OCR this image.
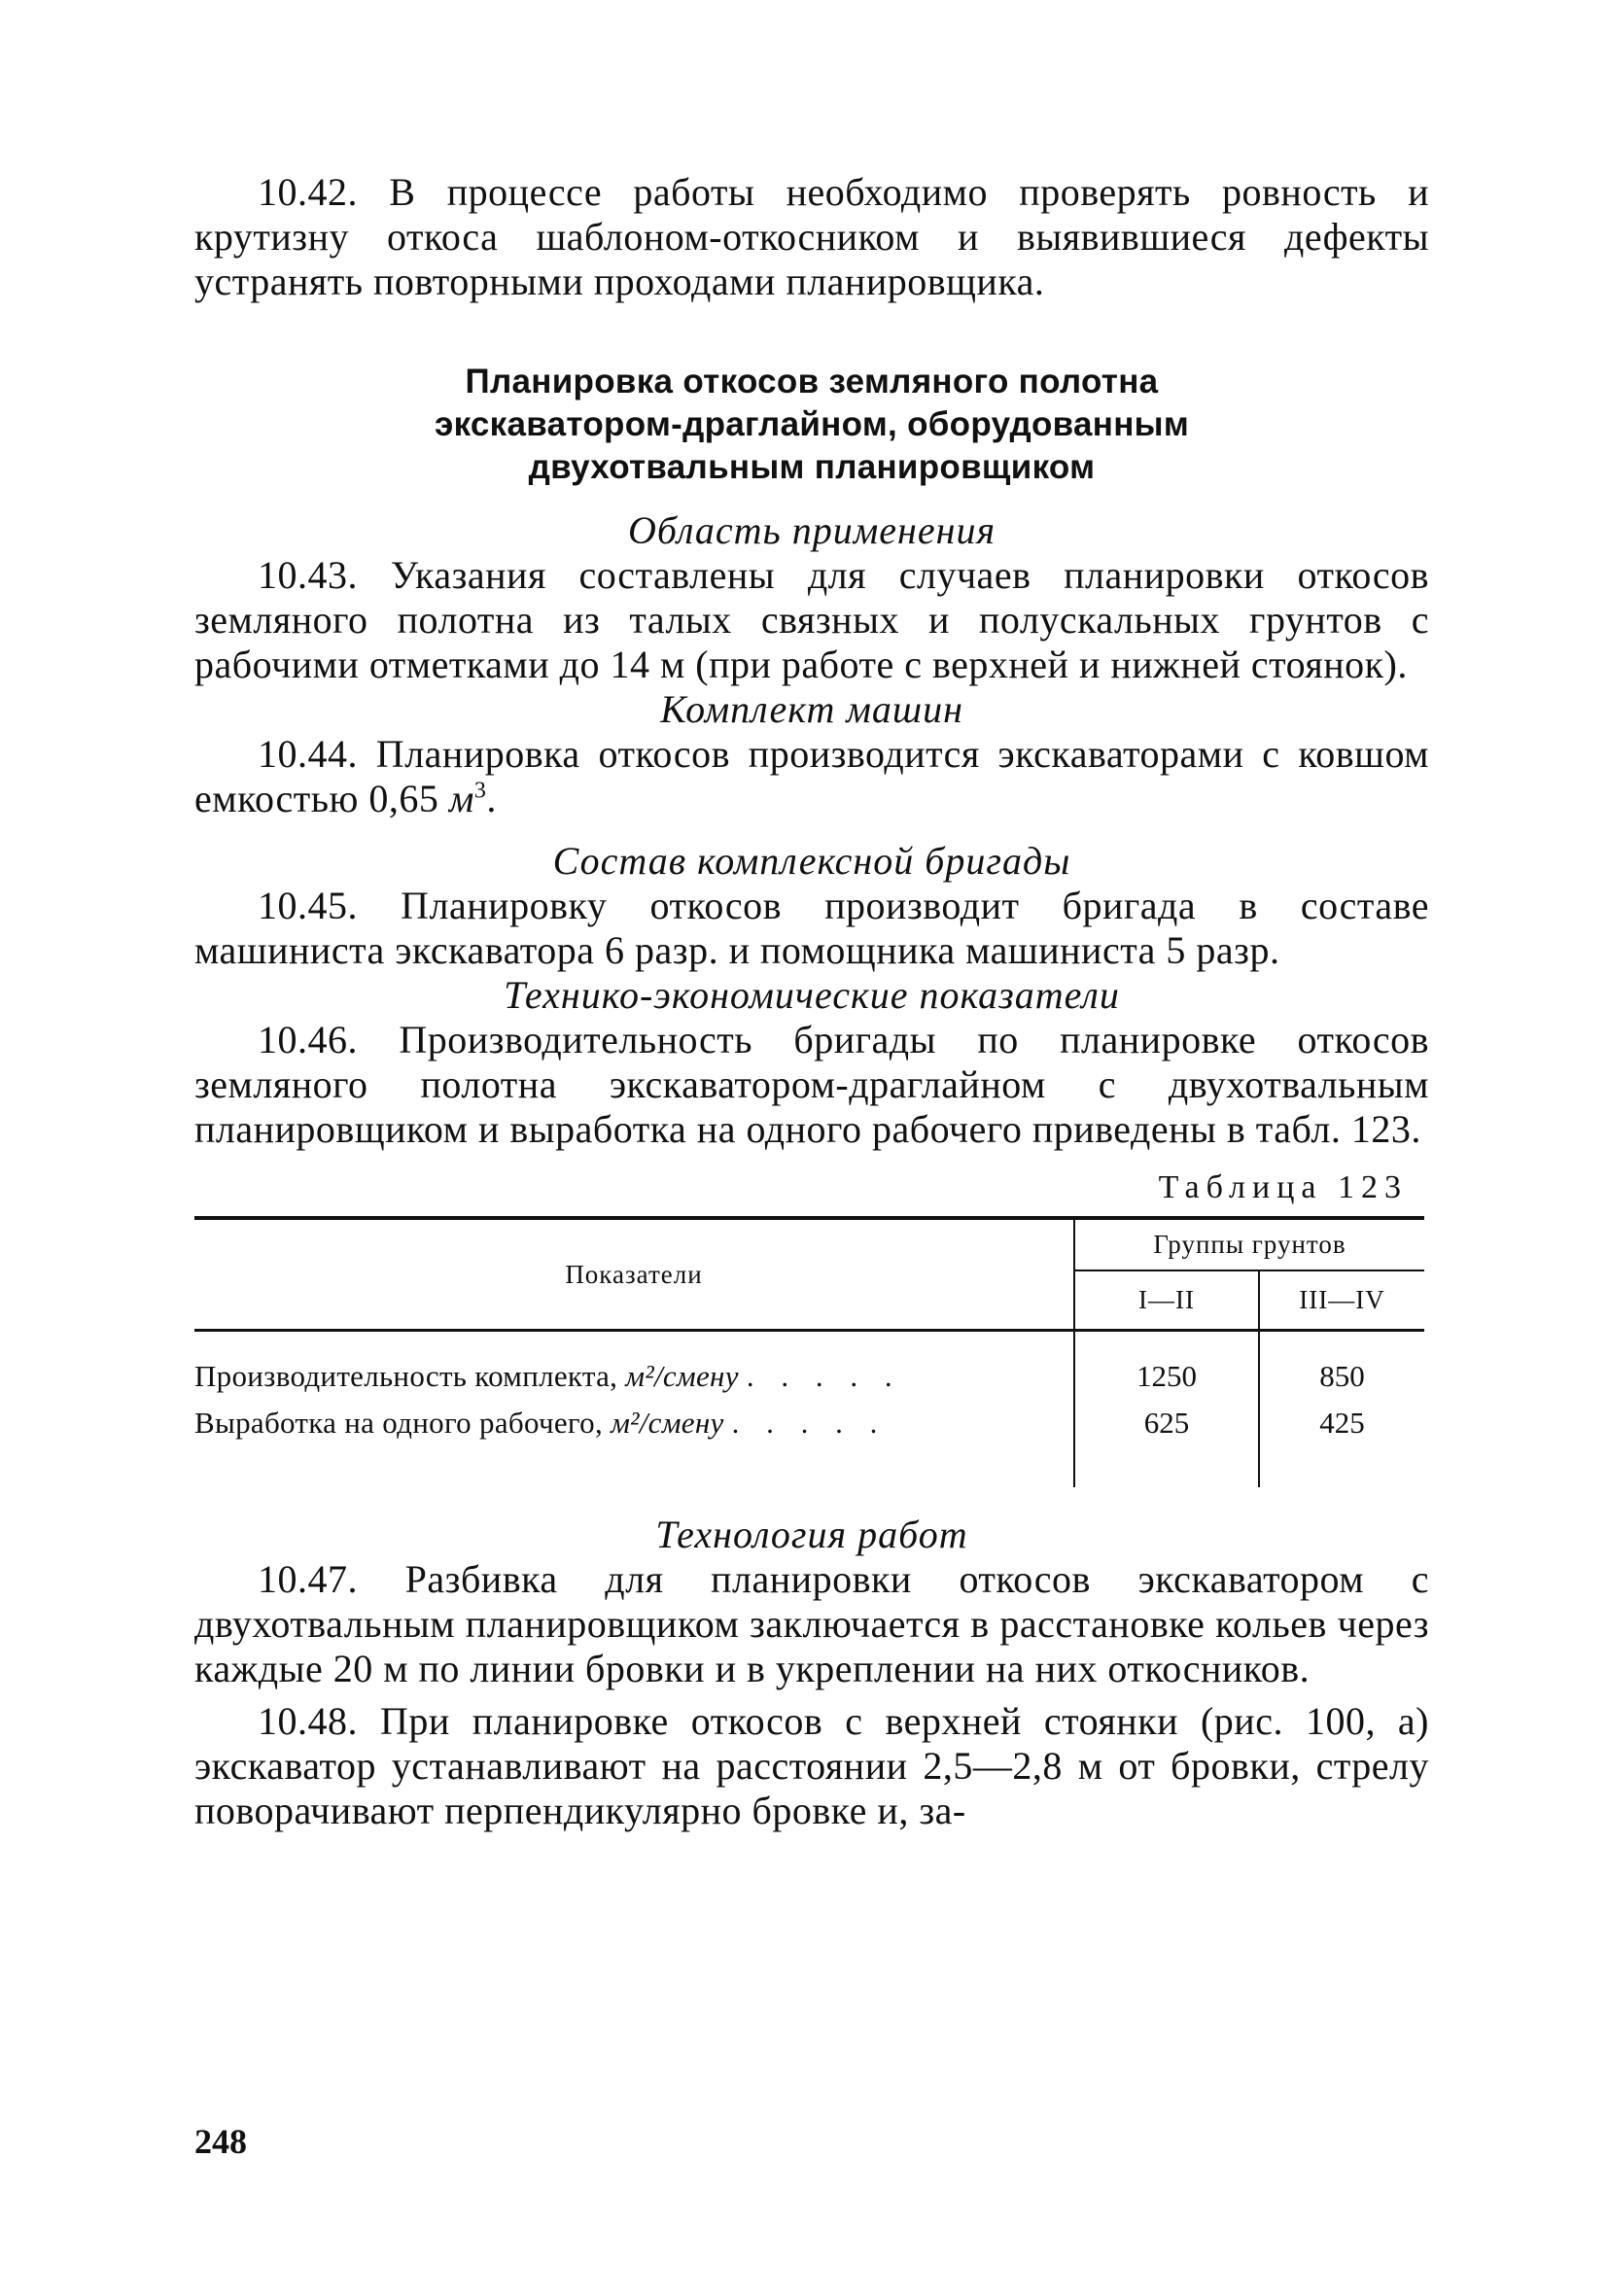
10.42. В процессе работы необходимо проверять ровность и крутизну откоса шаблоном-откосником и выявившиеся дефекты устранять повторными проходами планировщика.

Планировка откосов земляного полотна

экскаватором-драглайном, оборудованным

двухотвальным планировщиком

Область применения

10.43. Указания составлены для случаев планировки откосов земляного полотна из талых связных и полускальных грунтов с рабочими отметками до 14 м (при работе с верхней и нижней стоянок).

Комплект машин

10.44. Планировка откосов производится экскаваторами с ковшом емкостью 0,65 $м^3$.

Состав комплексной бригады

10.45. Планировку откосов производит бригада в составе машиниста экскаватора 6 разр. и помощника машиниста 5 разр.

Технико-экономические показатели

10.46. Производительность бригады по планировке откосов земляного полотна экскаватором-драглайном с двухотвальным планировщиком и выработка на одного рабочего приведены в табл. 123.

Таблица 123

Показатели	Группы грунтов	
	I—II	III—IV

Производительность комплекта, м²/смену . . . . .	1250	850
Выработка на одного рабочего, м²/смену . . . . .	625	425

Технология работ

10.47. Разбивка для планировки откосов экскаватором с двухотвальным планировщиком заключается в расстановке кольев через каждые 20 м по линии бровки и в укреплении на них откосников.

10.48. При планировке откосов с верхней стоянки (рис. 100, а) экскаватор устанавливают на расстоянии 2,5—2,8 м от бровки, стрелу поворачивают перпендикулярно бровке и, за-

248
